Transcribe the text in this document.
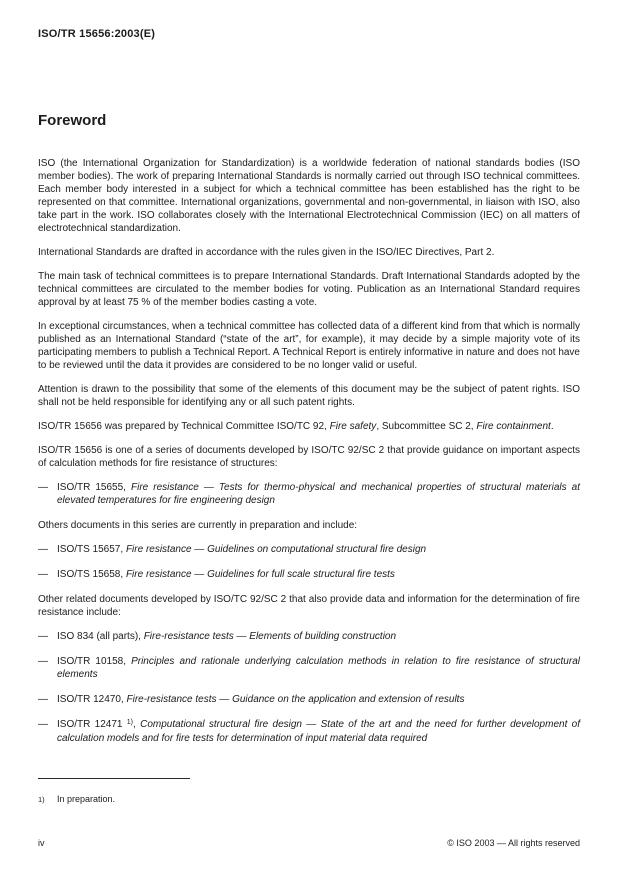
ISO/TR 15656:2003(E)
Foreword
ISO (the International Organization for Standardization) is a worldwide federation of national standards bodies (ISO member bodies). The work of preparing International Standards is normally carried out through ISO technical committees. Each member body interested in a subject for which a technical committee has been established has the right to be represented on that committee. International organizations, governmental and non-governmental, in liaison with ISO, also take part in the work. ISO collaborates closely with the International Electrotechnical Commission (IEC) on all matters of electrotechnical standardization.
International Standards are drafted in accordance with the rules given in the ISO/IEC Directives, Part 2.
The main task of technical committees is to prepare International Standards. Draft International Standards adopted by the technical committees are circulated to the member bodies for voting. Publication as an International Standard requires approval by at least 75 % of the member bodies casting a vote.
In exceptional circumstances, when a technical committee has collected data of a different kind from that which is normally published as an International Standard (“state of the art”, for example), it may decide by a simple majority vote of its participating members to publish a Technical Report. A Technical Report is entirely informative in nature and does not have to be reviewed until the data it provides are considered to be no longer valid or useful.
Attention is drawn to the possibility that some of the elements of this document may be the subject of patent rights. ISO shall not be held responsible for identifying any or all such patent rights.
ISO/TR 15656 was prepared by Technical Committee ISO/TC 92, Fire safety, Subcommittee SC 2, Fire containment.
ISO/TR 15656 is one of a series of documents developed by ISO/TC 92/SC 2 that provide guidance on important aspects of calculation methods for fire resistance of structures:
— ISO/TR 15655, Fire resistance — Tests for thermo-physical and mechanical properties of structural materials at elevated temperatures for fire engineering design
Others documents in this series are currently in preparation and include:
— ISO/TS 15657, Fire resistance — Guidelines on computational structural fire design
— ISO/TS 15658, Fire resistance — Guidelines for full scale structural fire tests
Other related documents developed by ISO/TC 92/SC 2 that also provide data and information for the determination of fire resistance include:
— ISO 834 (all parts), Fire-resistance tests — Elements of building construction
— ISO/TR 10158, Principles and rationale underlying calculation methods in relation to fire resistance of structural elements
— ISO/TR 12470, Fire-resistance tests — Guidance on the application and extension of results
— ISO/TR 12471 $^{1)}$, Computational structural fire design — State of the art and the need for further development of calculation models and for fire tests for determination of input material data required
1) In preparation.
iv	© ISO 2003 — All rights reserved
